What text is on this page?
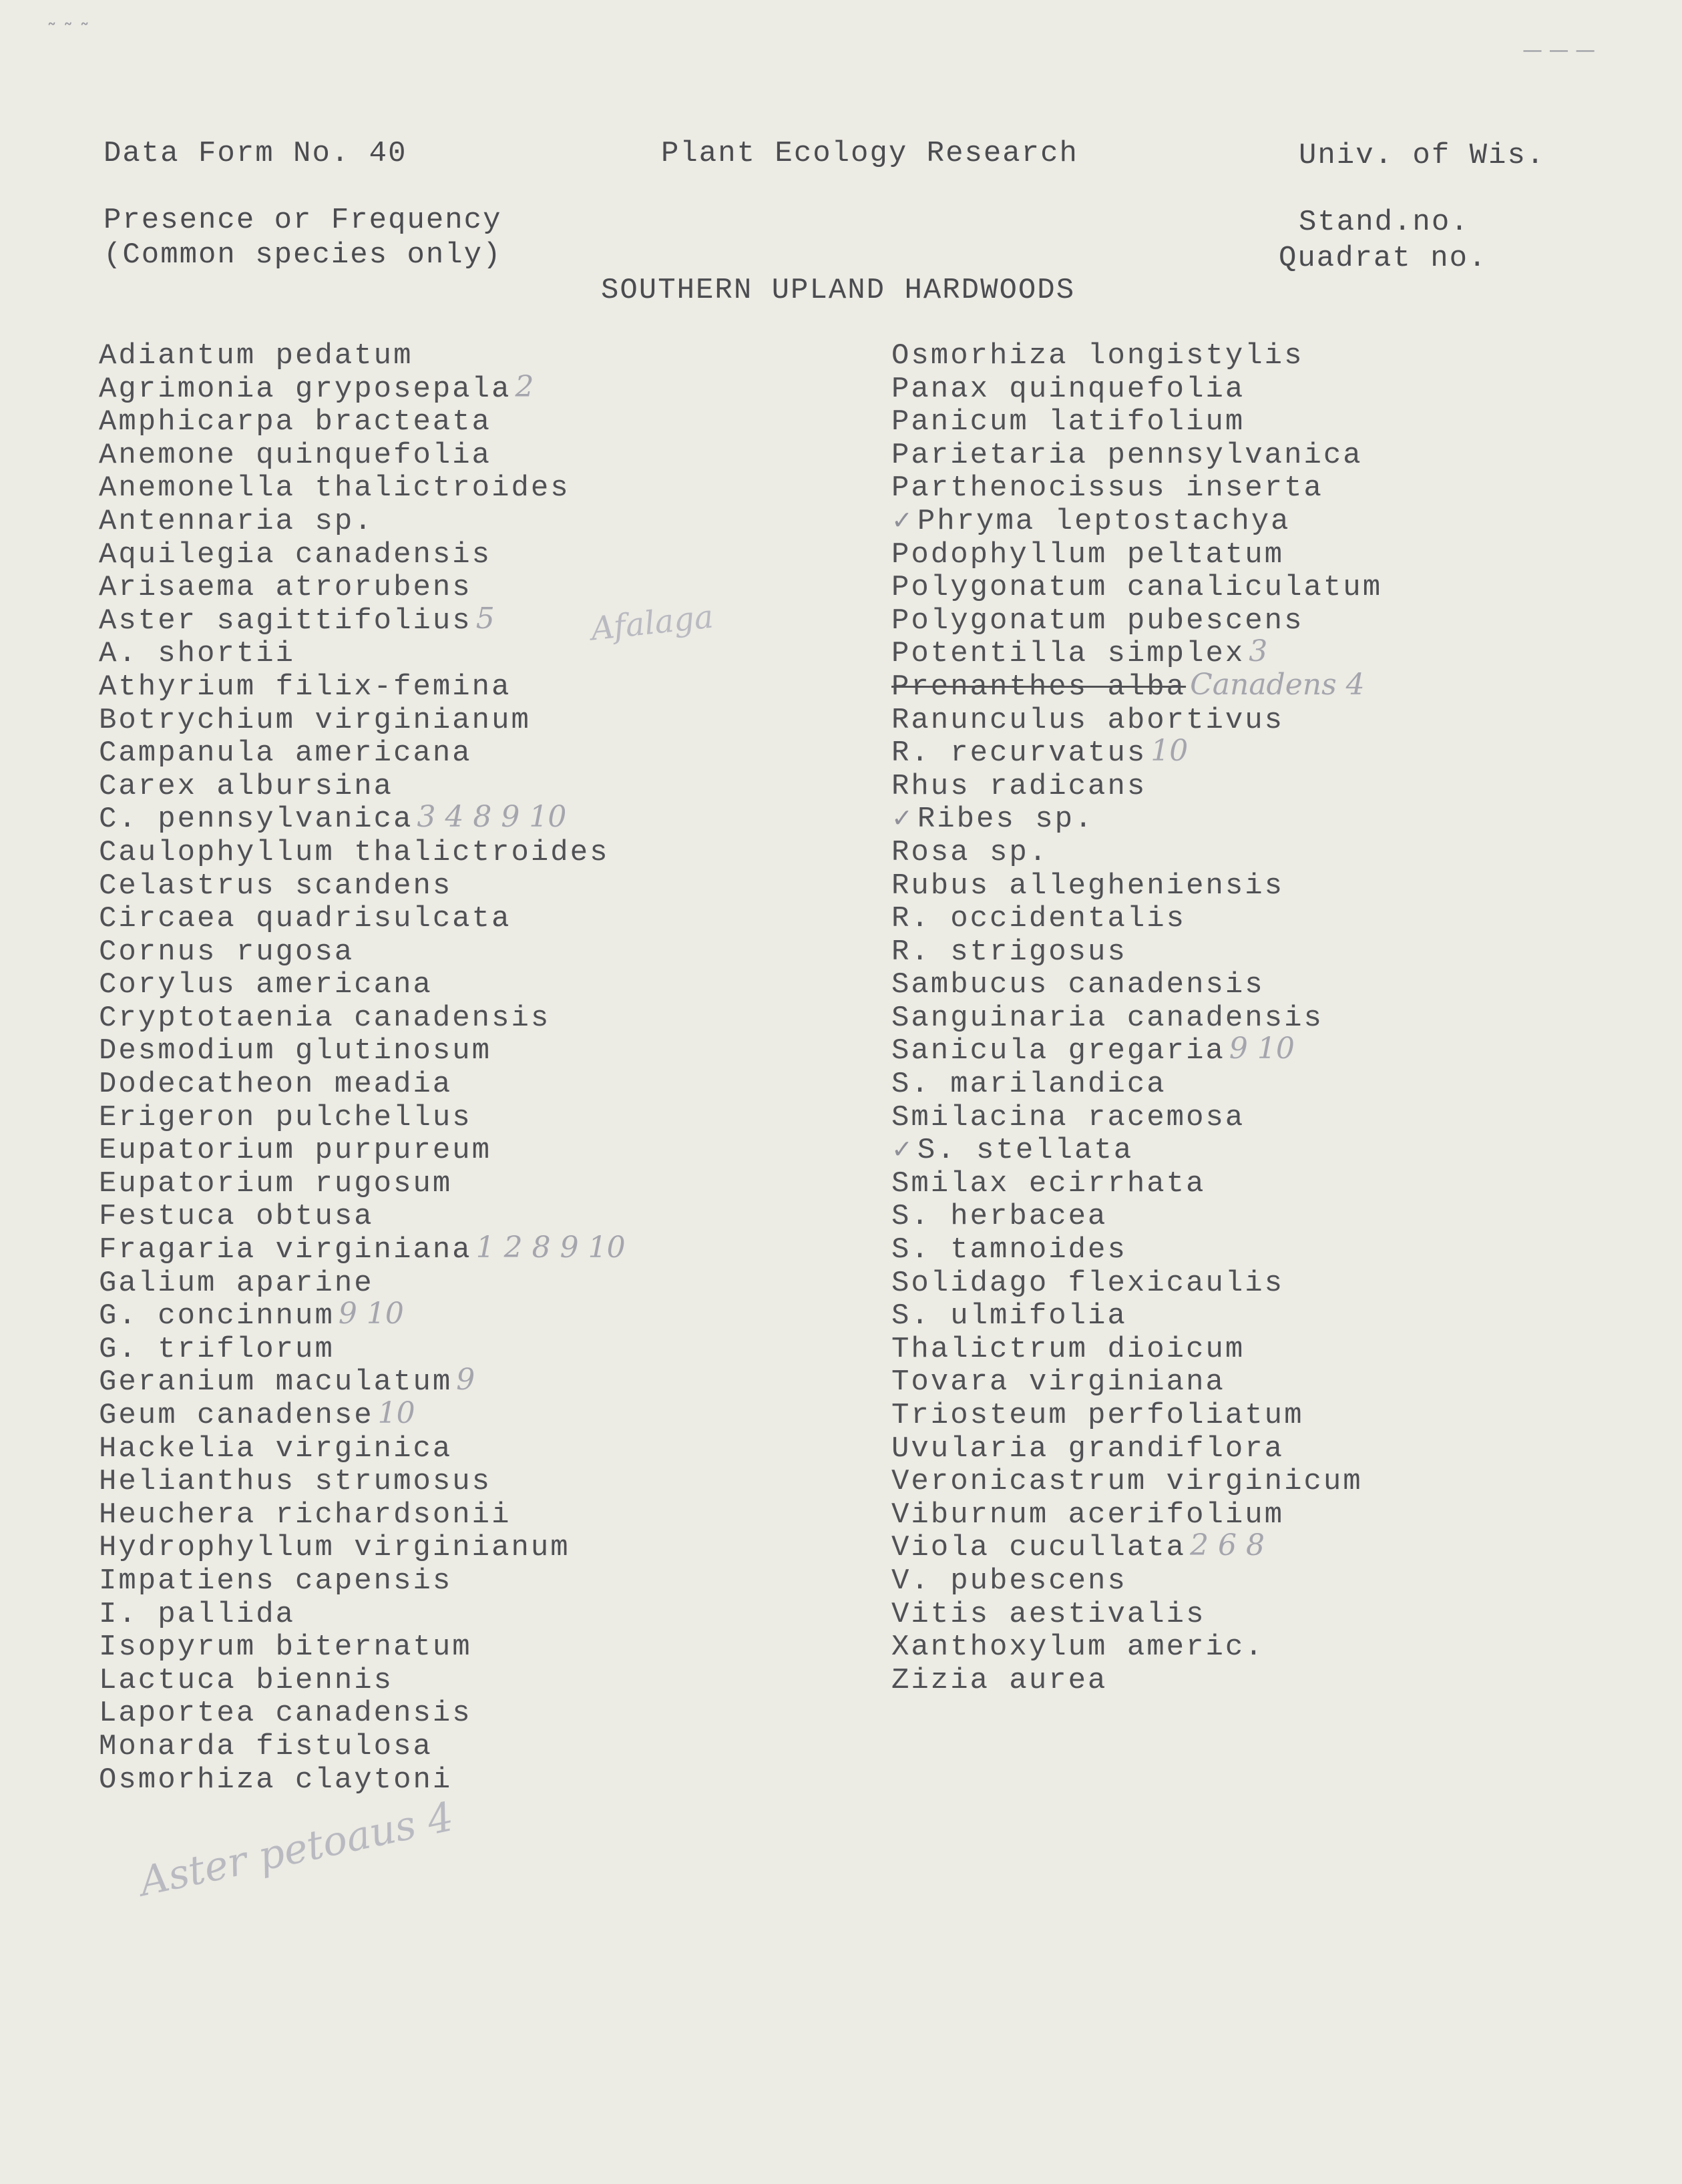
˜ ˜ ˜
— — —
Data Form No. 40	Plant Ecology Research	Univ. of Wis.
Presence or Frequency
(Common species only)
Stand.no.
Quadrat no.
SOUTHERN UPLAND HARDWOODS
Adiantum pedatum
Agrimonia gryposepala 2
Amphicarpa bracteata
Anemone quinquefolia
Anemonella thalictroides
Antennaria sp.
Aquilegia canadensis
Arisaema atrorubens
Aster sagittifolius 5
A. shortii
Athyrium filix-femina
Botrychium virginianum
Campanula americana
Carex albursina
C. pennsylvanica 3 4 8 9 10
Caulophyllum thalictroides
Celastrus scandens
Circaea quadrisulcata
Cornus rugosa
Corylus americana
Cryptotaenia canadensis
Desmodium glutinosum
Dodecatheon meadia
Erigeron pulchellus
Eupatorium purpureum
Eupatorium rugosum
Festuca obtusa
Fragaria virginiana 1 2 8 9 10
Galium aparine
G. concinnum 9 10
G. triflorum
Geranium maculatum 9
Geum canadense 10
Hackelia virginica
Helianthus strumosus
Heuchera richardsonii
Hydrophyllum virginianum
Impatiens capensis
I. pallida
Isopyrum biternatum
Lactuca biennis
Laportea canadensis
Monarda fistulosa
Osmorhiza claytoni
Osmorhiza longistylis
Panax quinquefolia
Panicum latifolium
Parietaria pennsylvanica
Parthenocissus inserta
✓Phryma leptostachya
Podophyllum peltatum
Polygonatum canaliculatum
Polygonatum pubescens
Potentilla simplex 3
Prenanthes alba Canadens 4
Ranunculus abortivus
R. recurvatus 10
Rhus radicans
✓Ribes sp.
Rosa sp.
Rubus allegheniensis
R. occidentalis
R. strigosus
Sambucus canadensis
Sanguinaria canadensis
Sanicula gregaria 9 10
S. marilandica
Smilacina racemosa
✓S. stellata
Smilax ecirrhata
S. herbacea
S. tamnoides
Solidago flexicaulis
S. ulmifolia
Thalictrum dioicum
Tovara virginiana
Triosteum perfoliatum
Uvularia grandiflora
Veronicastrum virginicum
Viburnum acerifolium
Viola cucullata 2 6 8
V. pubescens
Vitis aestivalis
Xanthoxylum americ.
Zizia aurea
Afalaga
Aster petoaus 4
